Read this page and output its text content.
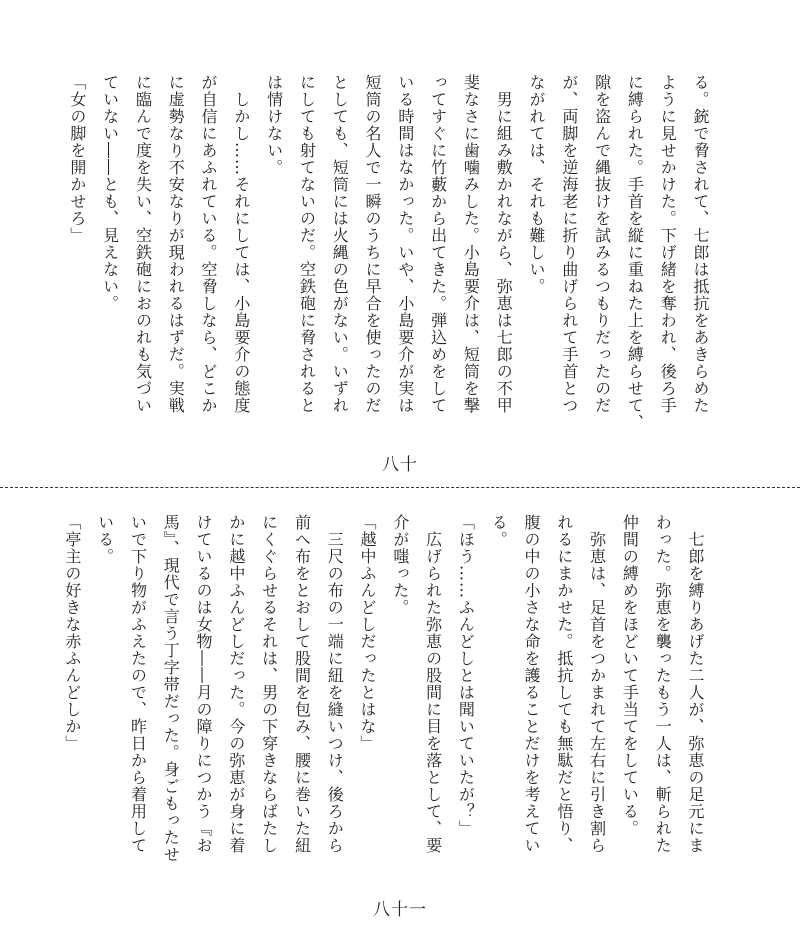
る。銃で脅されて、七郎は抵抗をあきらめた
ように見せかけた。下げ緒を奪われ、後ろ手
に縛られた。手首を縦に重ねた上を縛らせて、
隙を盗んで縄抜けを試みるつもりだったのだ
が、両脚を逆海老に折り曲げられて手首とつ
ながれては、それも難しい。
　男に組み敷かれながら、弥恵は七郎の不甲
斐なさに歯噛みした。小島要介は、短筒を撃
ってすぐに竹藪から出てきた。弾込めをして
いる時間はなかった。いや、小島要介が実は
短筒の名人で一瞬のうちに早合を使ったのだ
としても、短筒には火縄の色がない。いずれ
にしても射てないのだ。空鉄砲に脅されると
は情けない。
　しかし……それにしては、小島要介の態度
が自信にあふれている。空脅しなら、どこか
に虚勢なり不安なりが現われるはずだ。実戦
に臨んで度を失い、空鉄砲におのれも気づい
ていない――とも、見えない。
「女の脚を開かせろ」
八十
　七郎を縛りあげた二人が、弥恵の足元にま
わった。弥恵を襲ったもう一人は、斬られた
仲間の縛めをほどいて手当てをしている。
　弥恵は、足首をつかまれて左右に引き割ら
れるにまかせた。抵抗しても無駄だと悟り、
腹の中の小さな命を護ることだけを考えてい
る。
「ほう……ふんどしとは聞いていたが？」
　広げられた弥恵の股間に目を落として、要
介が嗤った。
「越中ふんどしだったとはな」
　三尺の布の一端に紐を縫いつけ、後ろから
前へ布をとおして股間を包み、腰に巻いた紐
にくぐらせるそれは、男の下穿きならばたし
かに越中ふんどしだった。今の弥恵が身に着
けているのは女物――月の障りにつかう『お
馬』、現代で言う丁字帯だった。身ごもったせ
いで下り物がふえたので、昨日から着用して
いる。
「亭主の好きな赤ふんどしか」
八十一
